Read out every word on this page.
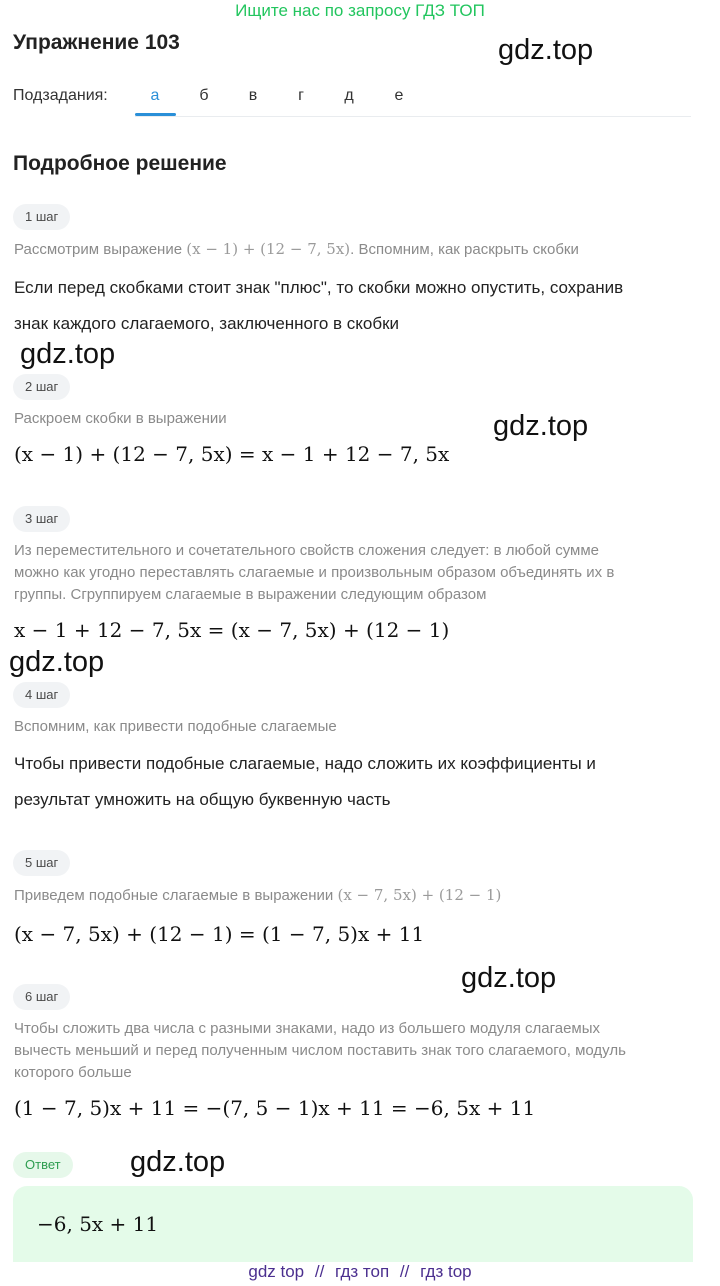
Ищите нас по запросу ГДЗ ТОП
Упражнение 103	gdz.top
Подзадания:	а	б	в	г	д	е
Подробное решение
1 шаг
Рассмотрим выражение (x − 1) + (12 − 7, 5x). Вспомним, как раскрыть скобки
Если перед скобками стоит знак "плюс", то скобки можно опустить, сохранив
знак каждого слагаемого, заключенного в скобки
gdz.top
2 шаг
Раскроем скобки в выражении	gdz.top
(x − 1) + (12 − 7, 5x) = x − 1 + 12 − 7, 5x
3 шаг
Из переместительного и сочетательного свойств сложения следует: в любой сумме
можно как угодно переставлять слагаемые и произвольным образом объединять их в
группы. Сгруппируем слагаемые в выражении следующим образом
x − 1 + 12 − 7, 5x = (x − 7, 5x) + (12 − 1)
gdz.top
4 шаг
Вспомним, как привести подобные слагаемые
Чтобы привести подобные слагаемые, надо сложить их коэффициенты и
результат умножить на общую буквенную часть
5 шаг
Приведем подобные слагаемые в выражении (x − 7, 5x) + (12 − 1)
(x − 7, 5x) + (12 − 1) = (1 − 7, 5)x + 11
gdz.top
6 шаг
Чтобы сложить два числа с разными знаками, надо из большего модуля слагаемых
вычесть меньший и перед полученным числом поставить знак того слагаемого, модуль
которого больше
(1 − 7, 5)x + 11 = −(7, 5 − 1)x + 11 = −6, 5x + 11
Ответ	gdz.top
−6, 5x + 11
gdz top // гдз топ // гдз top
